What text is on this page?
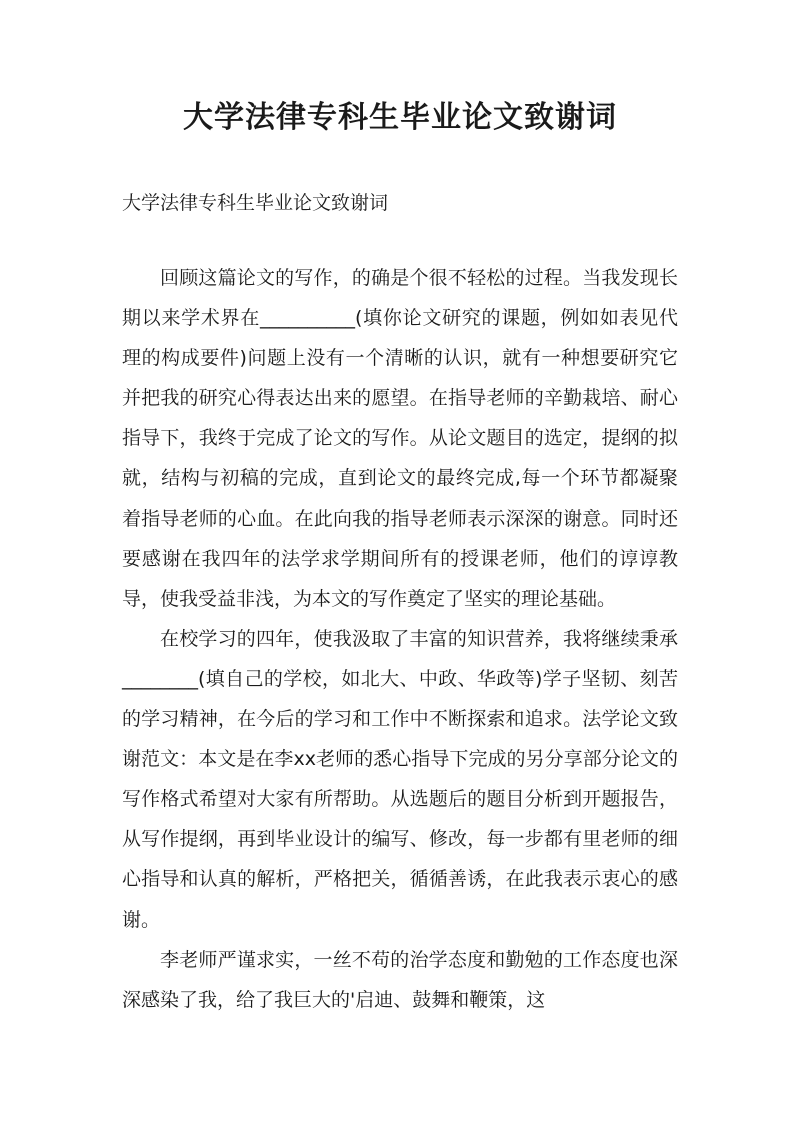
大学法律专科生毕业论文致谢词

大学法律专科生毕业论文致谢词

回顾这篇论文的写作，的确是个很不轻松的过程。当我发现长期以来学术界在__________(填你论文研究的课题，例如如表见代理的构成要件)问题上没有一个清晰的认识，就有一种想要研究它并把我的研究心得表达出来的愿望。在指导老师的辛勤栽培、耐心指导下，我终于完成了论文的写作。从论文题目的选定，提纲的拟就，结构与初稿的完成，直到论文的最终完成,每一个环节都凝聚着指导老师的心血。在此向我的指导老师表示深深的谢意。同时还要感谢在我四年的法学求学期间所有的授课老师，他们的谆谆教导，使我受益非浅，为本文的写作奠定了坚实的理论基础。

在校学习的四年，使我汲取了丰富的知识营养，我将继续秉承________(填自己的学校，如北大、中政、华政等)学子坚韧、刻苦的学习精神，在今后的学习和工作中不断探索和追求。法学论文致谢范文：本文是在李xx老师的悉心指导下完成的另分享部分论文的写作格式希望对大家有所帮助。从选题后的题目分析到开题报告，从写作提纲，再到毕业设计的编写、修改，每一步都有里老师的细心指导和认真的解析，严格把关，循循善诱，在此我表示衷心的感谢。

李老师严谨求实，一丝不苟的治学态度和勤勉的工作态度也深深感染了我，给了我巨大的'启迪、鼓舞和鞭策，这
